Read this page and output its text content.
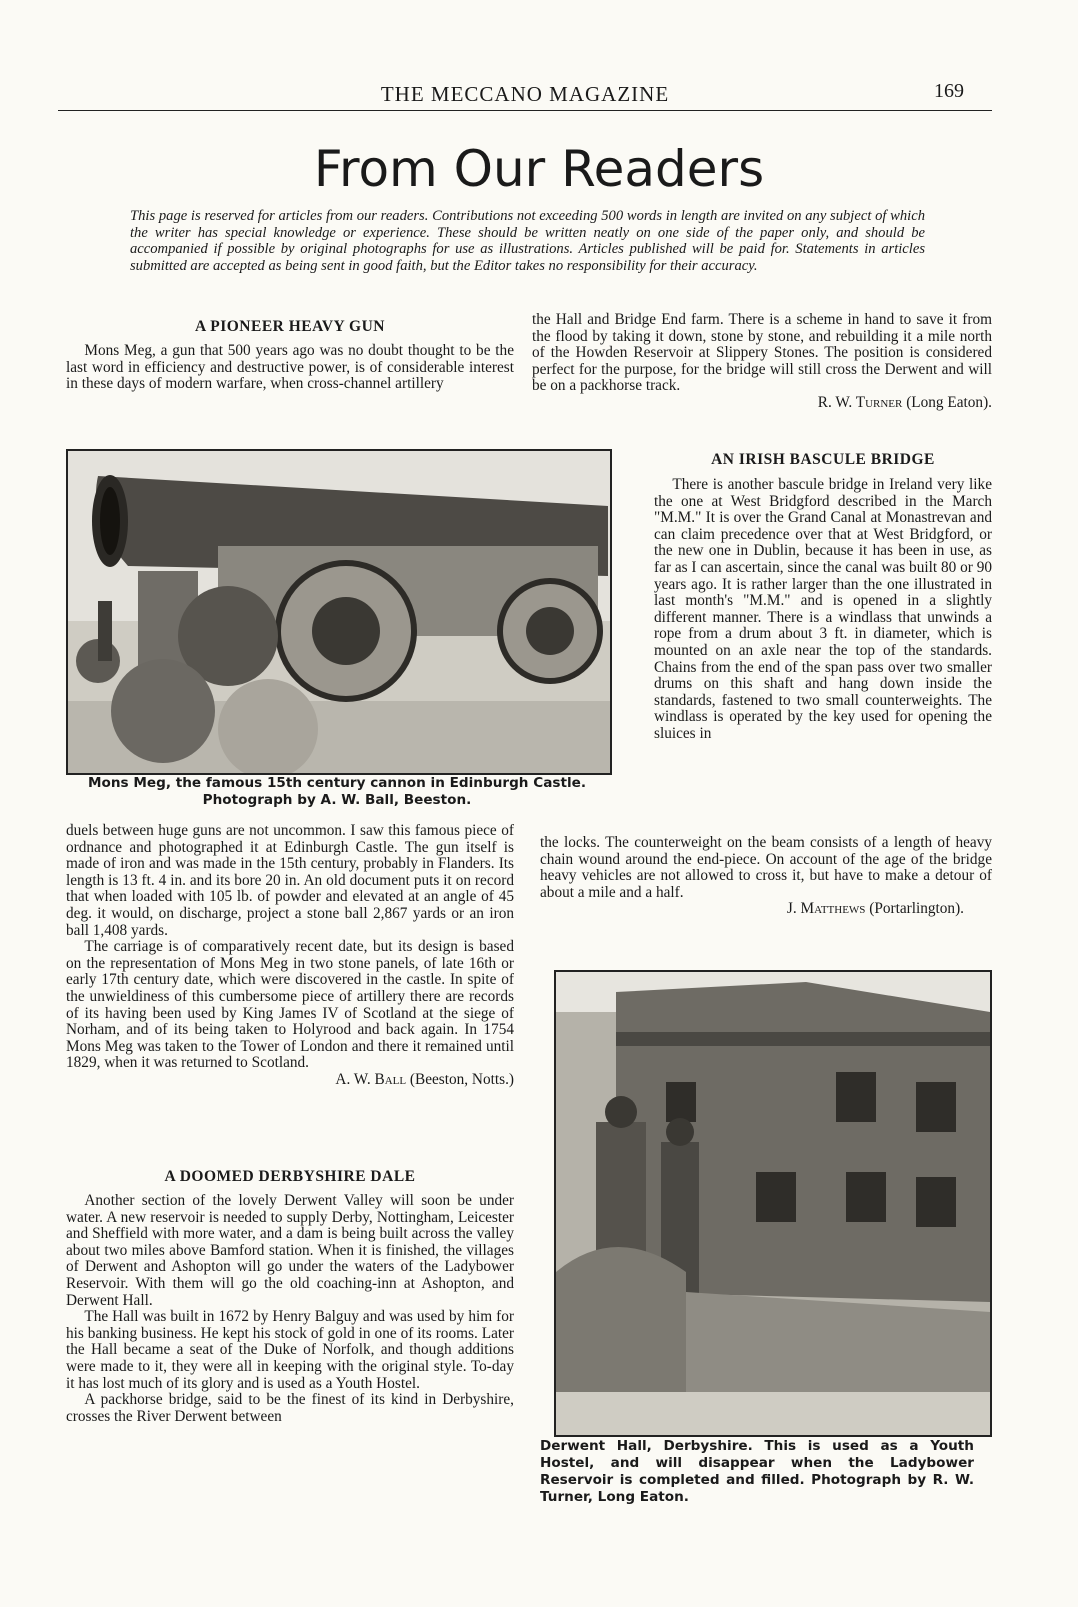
THE MECCANO MAGAZINE	169
From Our Readers

This page is reserved for articles from our readers. Contributions not exceeding 500 words in length are invited on any subject of which the writer has special knowledge or experience. These should be written neatly on one side of the paper only, and should be accompanied if possible by original photographs for use as illustrations. Articles published will be paid for. Statements in articles submitted are accepted as being sent in good faith, but the Editor takes no responsibility for their accuracy.

A PIONEER HEAVY GUN

Mons Meg, a gun that 500 years ago was no doubt thought to be the last word in efficiency and destructive power, is of considerable interest in these days of modern warfare, when cross-channel artillery

Mons Meg, the famous 15th century cannon in Edinburgh Castle.

Photograph by A. W. Ball, Beeston.

duels between huge guns are not uncommon. I saw this famous piece of ordnance and photographed it at Edinburgh Castle. The gun itself is made of iron and was made in the 15th century, probably in Flanders. Its length is 13 ft. 4 in. and its bore 20 in. An old document puts it on record that when loaded with 105 lb. of powder and elevated at an angle of 45 deg. it would, on discharge, project a stone ball 2,867 yards or an iron ball 1,408 yards.

The carriage is of comparatively recent date, but its design is based on the representation of Mons Meg in two stone panels, of late 16th or early 17th century date, which were discovered in the castle. In spite of the unwieldiness of this cumbersome piece of artillery there are records of its having been used by King James IV of Scotland at the siege of Norham, and of its being taken to Holyrood and back again. In 1754 Mons Meg was taken to the Tower of London and there it remained until 1829, when it was returned to Scotland.

A. W. Ball (Beeston, Notts.)

A DOOMED DERBYSHIRE DALE

Another section of the lovely Derwent Valley will soon be under water. A new reservoir is needed to supply Derby, Nottingham, Leicester and Sheffield with more water, and a dam is being built across the valley about two miles above Bamford station. When it is finished, the villages of Derwent and Ashopton will go under the waters of the Ladybower Reservoir. With them will go the old coaching-inn at Ashopton, and Derwent Hall.

The Hall was built in 1672 by Henry Balguy and was used by him for his banking business. He kept his stock of gold in one of its rooms. Later the Hall became a seat of the Duke of Norfolk, and though additions were made to it, they were all in keeping with the original style. To-day it has lost much of its glory and is used as a Youth Hostel.

A packhorse bridge, said to be the finest of its kind in Derbyshire, crosses the River Derwent between

the Hall and Bridge End farm. There is a scheme in hand to save it from the flood by taking it down, stone by stone, and rebuilding it a mile north of the Howden Reservoir at Slippery Stones. The position is considered perfect for the purpose, for the bridge will still cross the Derwent and will be on a packhorse track.

R. W. Turner (Long Eaton).

AN IRISH BASCULE BRIDGE

There is another bascule bridge in Ireland very like the one at West Bridgford described in the March "M.M." It is over the Grand Canal at Monastrevan and can claim precedence over that at West Bridgford, or the new one in Dublin, because it has been in use, as far as I can ascertain, since the canal was built 80 or 90 years ago. It is rather larger than the one illustrated in last month's "M.M." and is opened in a slightly different manner. There is a windlass that unwinds a rope from a drum about 3 ft. in diameter, which is mounted on an axle near the top of the standards. Chains from the end of the span pass over two smaller drums on this shaft and hang down inside the standards, fastened to two small counterweights. The windlass is operated by the key used for opening the sluices in

the locks. The counterweight on the beam consists of a length of heavy chain wound around the end-piece. On account of the age of the bridge heavy vehicles are not allowed to cross it, but have to make a detour of about a mile and a half.

J. Matthews (Portarlington).

Derwent Hall, Derbyshire. This is used as a Youth Hostel, and will disappear when the Ladybower Reservoir is completed and filled. Photograph by R. W. Turner, Long Eaton.
